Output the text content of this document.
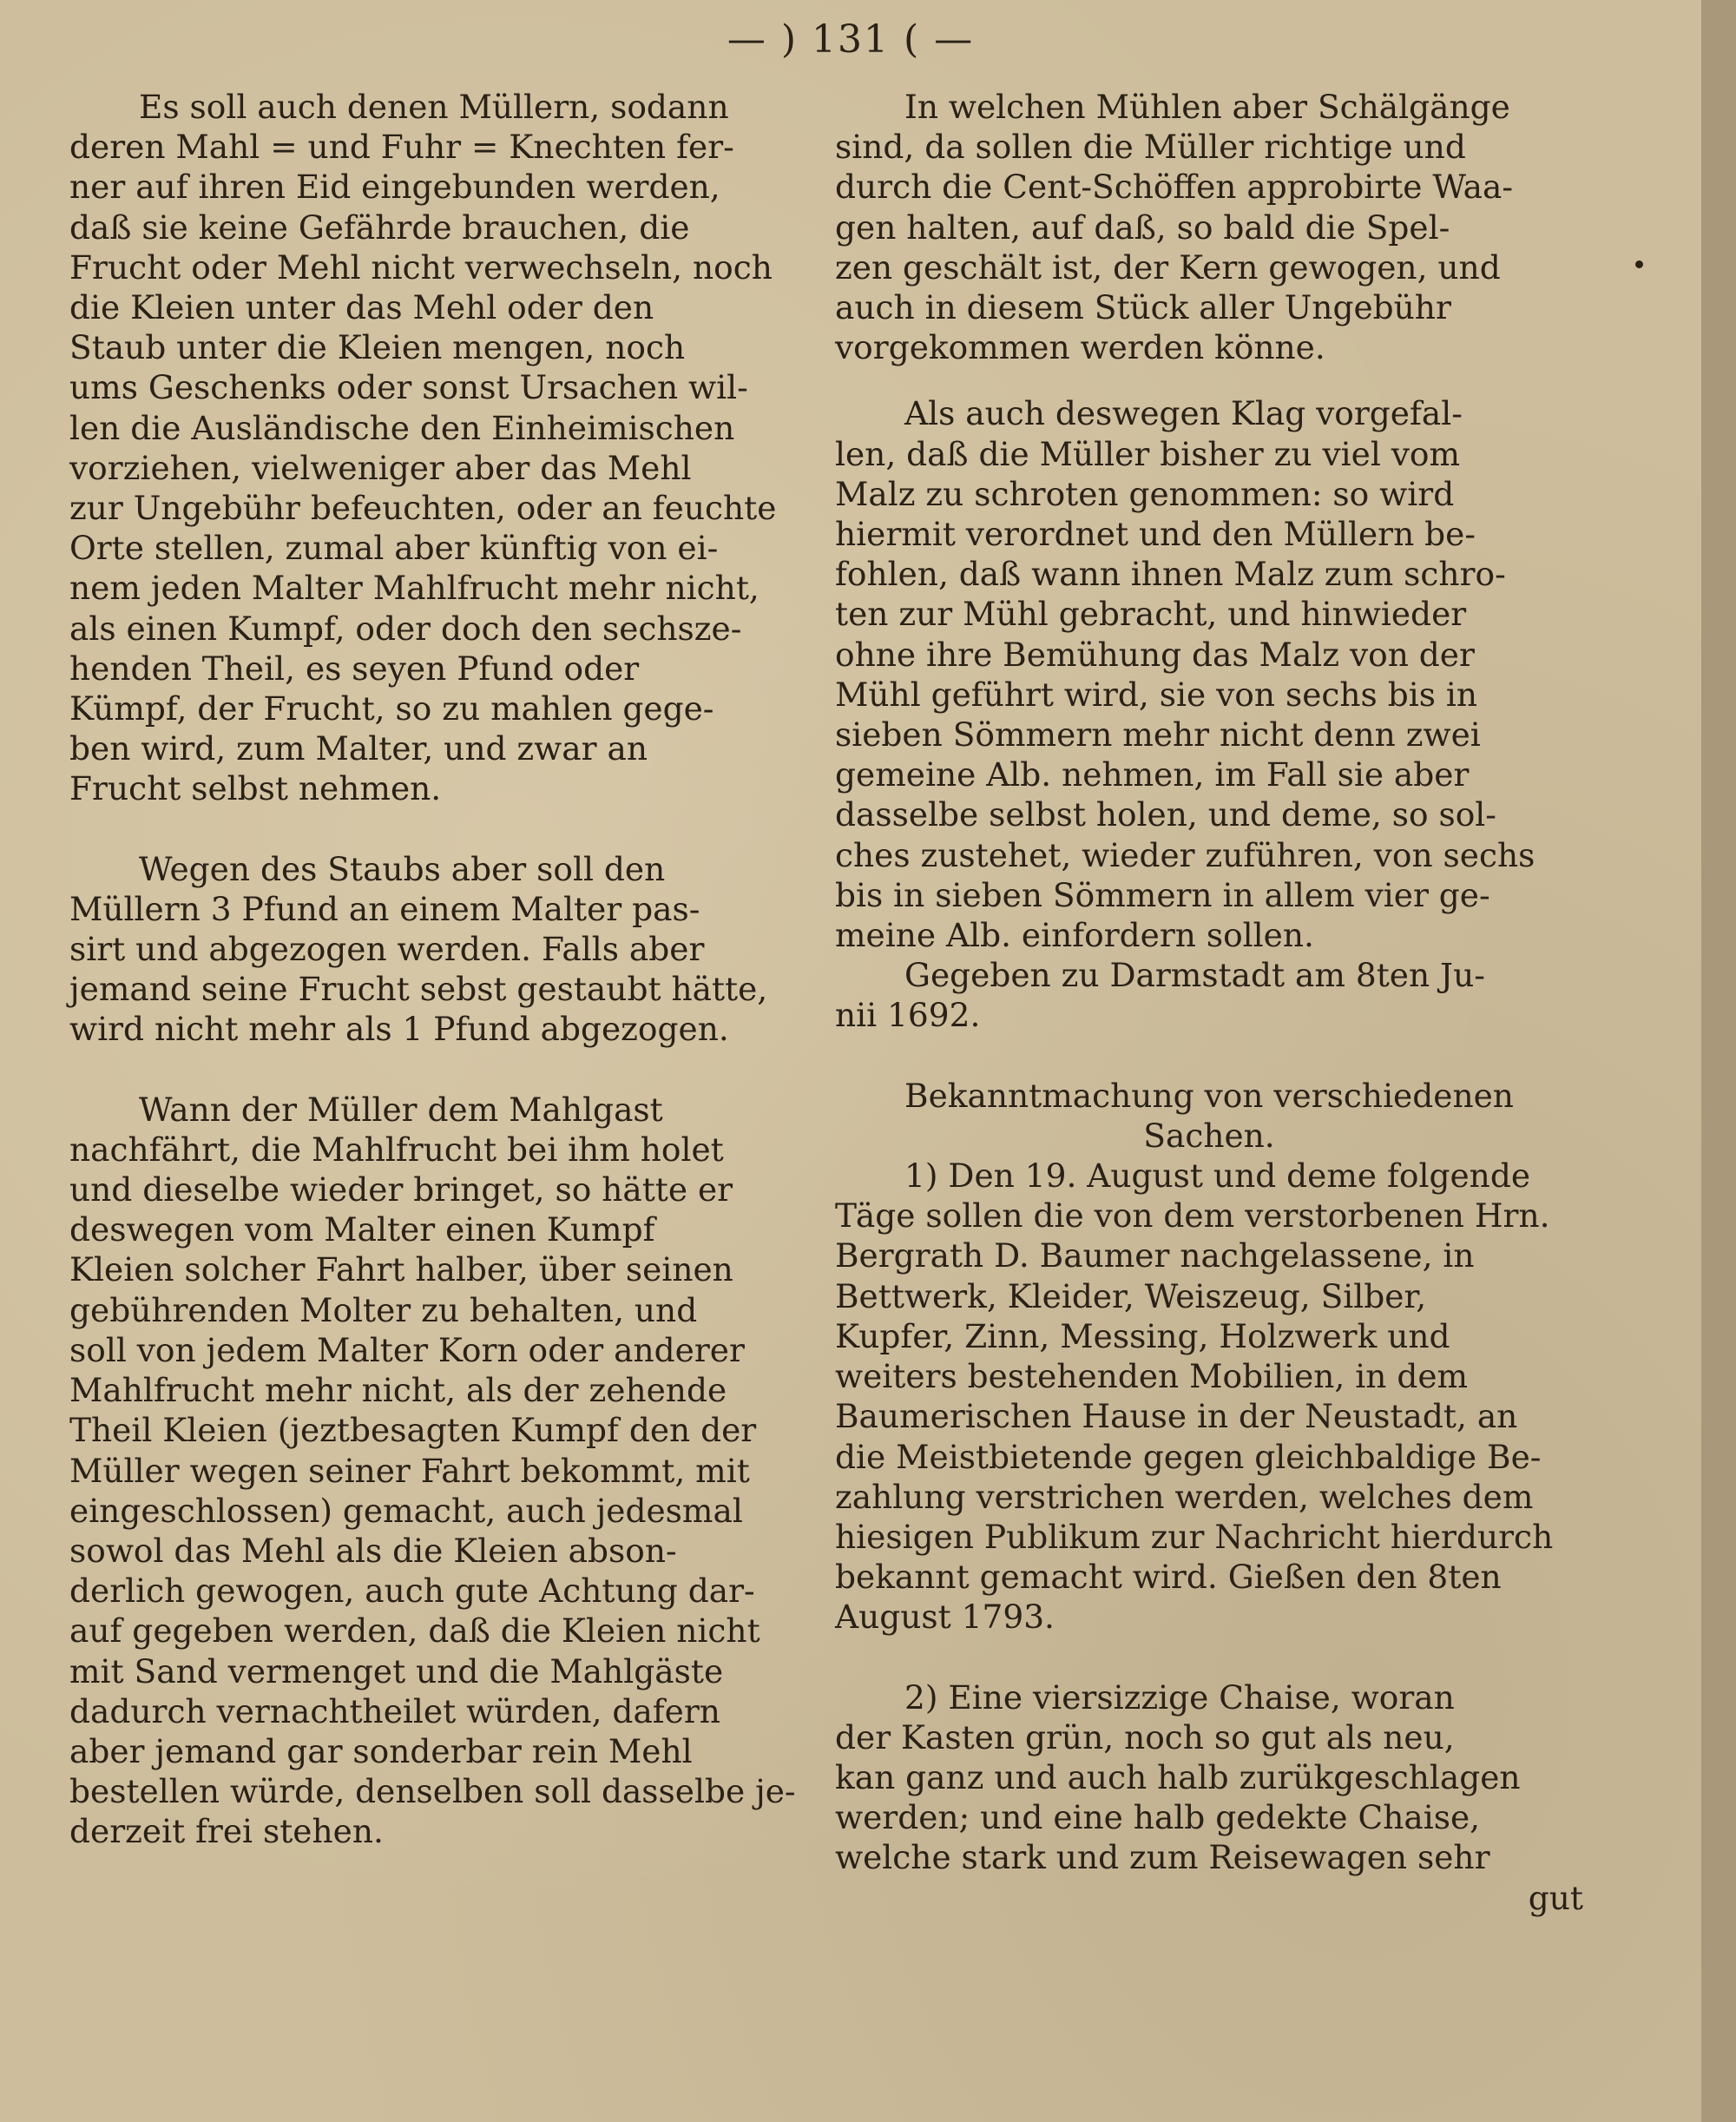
— ) 131 ( —

Es soll auch denen Müllern, sodann
deren Mahl = und Fuhr = Knechten fer-
ner auf ihren Eid eingebunden werden,
daß sie keine Gefährde brauchen, die
Frucht oder Mehl nicht verwechseln, noch
die Kleien unter das Mehl oder den
Staub unter die Kleien mengen, noch
ums Geschenks oder sonst Ursachen wil-
len die Ausländische den Einheimischen
vorziehen, vielweniger aber das Mehl
zur Ungebühr befeuchten, oder an feuchte
Orte stellen, zumal aber künftig von ei-
nem jeden Malter Mahlfrucht mehr nicht,
als einen Kumpf, oder doch den sechsze-
henden Theil, es seyen Pfund oder
Kümpf, der Frucht, so zu mahlen gege-
ben wird, zum Malter, und zwar an
Frucht selbst nehmen.

Wegen des Staubs aber soll den
Müllern 3 Pfund an einem Malter pas-
sirt und abgezogen werden. Falls aber
jemand seine Frucht sebst gestaubt hätte,
wird nicht mehr als 1 Pfund abgezogen.

Wann der Müller dem Mahlgast
nachfährt, die Mahlfrucht bei ihm holet
und dieselbe wieder bringet, so hätte er
deswegen vom Malter einen Kumpf
Kleien solcher Fahrt halber, über seinen
gebührenden Molter zu behalten, und
soll von jedem Malter Korn oder anderer
Mahlfrucht mehr nicht, als der zehende
Theil Kleien (jeztbesagten Kumpf den der
Müller wegen seiner Fahrt bekommt, mit
eingeschlossen) gemacht, auch jedesmal
sowol das Mehl als die Kleien abson-
derlich gewogen, auch gute Achtung dar-
auf gegeben werden, daß die Kleien nicht
mit Sand vermenget und die Mahlgäste
dadurch vernachtheilet würden, dafern
aber jemand gar sonderbar rein Mehl
bestellen würde, denselben soll dasselbe je-
derzeit frei stehen.

In welchen Mühlen aber Schälgänge
sind, da sollen die Müller richtige und
durch die Cent-Schöffen approbirte Waa-
gen halten, auf daß, so bald die Spel-
zen geschält ist, der Kern gewogen, und
auch in diesem Stück aller Ungebühr
vorgekommen werden könne.

Als auch deswegen Klag vorgefal-
len, daß die Müller bisher zu viel vom
Malz zu schroten genommen: so wird
hiermit verordnet und den Müllern be-
fohlen, daß wann ihnen Malz zum schro-
ten zur Mühl gebracht, und hinwieder
ohne ihre Bemühung das Malz von der
Mühl geführt wird, sie von sechs bis in
sieben Sömmern mehr nicht denn zwei
gemeine Alb. nehmen, im Fall sie aber
dasselbe selbst holen, und deme, so sol-
ches zustehet, wieder zuführen, von sechs
bis in sieben Sömmern in allem vier ge-
meine Alb. einfordern sollen.

Gegeben zu Darmstadt am 8ten Ju-
nii 1692.

Bekanntmachung von verschiedenen
Sachen.

1) Den 19. August und deme folgende
Täge sollen die von dem verstorbenen Hrn.
Bergrath D. Baumer nachgelassene, in
Bettwerk, Kleider, Weiszeug, Silber,
Kupfer, Zinn, Messing, Holzwerk und
weiters bestehenden Mobilien, in dem
Baumerischen Hause in der Neustadt, an
die Meistbietende gegen gleichbaldige Be-
zahlung verstrichen werden, welches dem
hiesigen Publikum zur Nachricht hierdurch
bekannt gemacht wird. Gießen den 8ten
August 1793.

2) Eine viersizzige Chaise, woran
der Kasten grün, noch so gut als neu,
kan ganz und auch halb zurükgeschlagen
werden; und eine halb gedekte Chaise,
welche stark und zum Reisewagen sehr
gut
